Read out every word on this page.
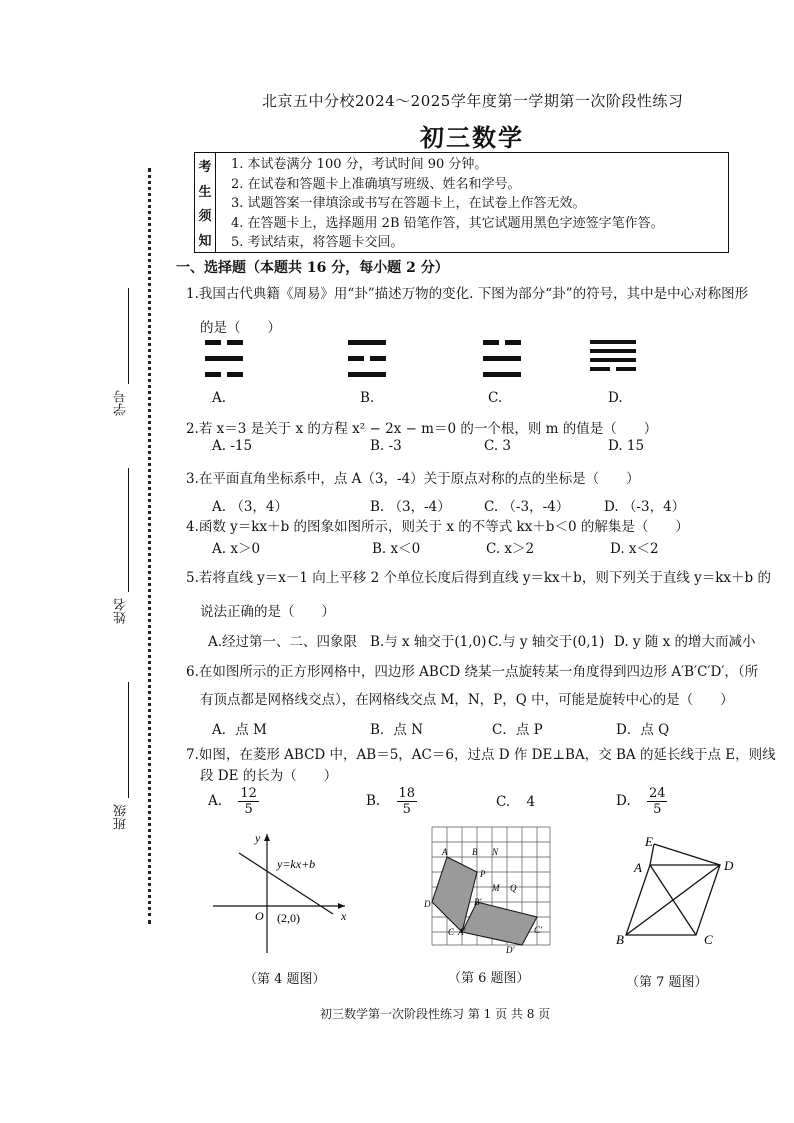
北京五中分校2024～2025学年度第一学期第一次阶段性练习
初三数学
考
生
须
知
1. 本试卷满分 100 分，考试时间 90 分钟。
2. 在试卷和答题卡上准确填写班级、姓名和学号。
3. 试题答案一律填涂或书写在答题卡上，在试卷上作答无效。
4. 在答题卡上，选择题用 2B 铅笔作答，其它试题用黑色字迹签字笔作答。
5. 考试结束，将答题卡交回。
学号
姓名
班级
一、选择题（本题共 16 分，每小题 2 分）
1.我国古代典籍《周易》用“卦”描述万物的变化. 下图为部分“卦”的符号，其中是中心对称图形
的是（　　）
A.	B.	C.	D.
2.若 x＝3 是关于 x 的方程 x² − 2x − m＝0 的一个根，则 m 的值是（　　）
A. -15	B. -3	C. 3	D. 15
3.在平面直角坐标系中，点 A（3，-4）关于原点对称的点的坐标是（　　）
A. （3，4）	B. （3，-4） C. （-3，-4）	D. （-3，4）
4.函数 y＝kx＋b 的图象如图所示，则关于 x 的不等式 kx＋b＜0 的解集是（　　）
A. x＞0	B. x＜0	C. x＞2	D. x＜2
5.若将直线 y＝x－1 向上平移 2 个单位长度后得到直线 y＝kx＋b，则下列关于直线 y＝kx＋b 的
说法正确的是（　　）
A.经过第一、二、四象限 B.与 x 轴交于(1,0) C.与 y 轴交于(0,1) D. y 随 x 的增大而减小
6.在如图所示的正方形网格中，四边形 ABCD 绕某一点旋转某一角度得到四边形 A′B′C′D′，（所
有顶点都是网格线交点），在网格线交点 M，N，P，Q 中，可能是旋转中心的是（　　）
A．点 M	B．点 N	C．点 P	D．点 Q
7.如图，在菱形 ABCD 中，AB＝5，AC＝6，过点 D 作 DE⊥BA，交 BA 的延长线于点 E，则线
段 DE 的长为（　　）
A. $\frac{12}{5}$	B. $\frac{18}{5}$	C. 4	D. $\frac{24}{5}$
y
x
O (2,0)
y=kx+b
（第 4 题图）
A	B N
P
M Q
B′
D
C A′	C′
D′
（第 6 题图）
E
A	D
B	C
（第 7 题图）
初三数学第一次阶段性练习 第 1 页 共 8 页
